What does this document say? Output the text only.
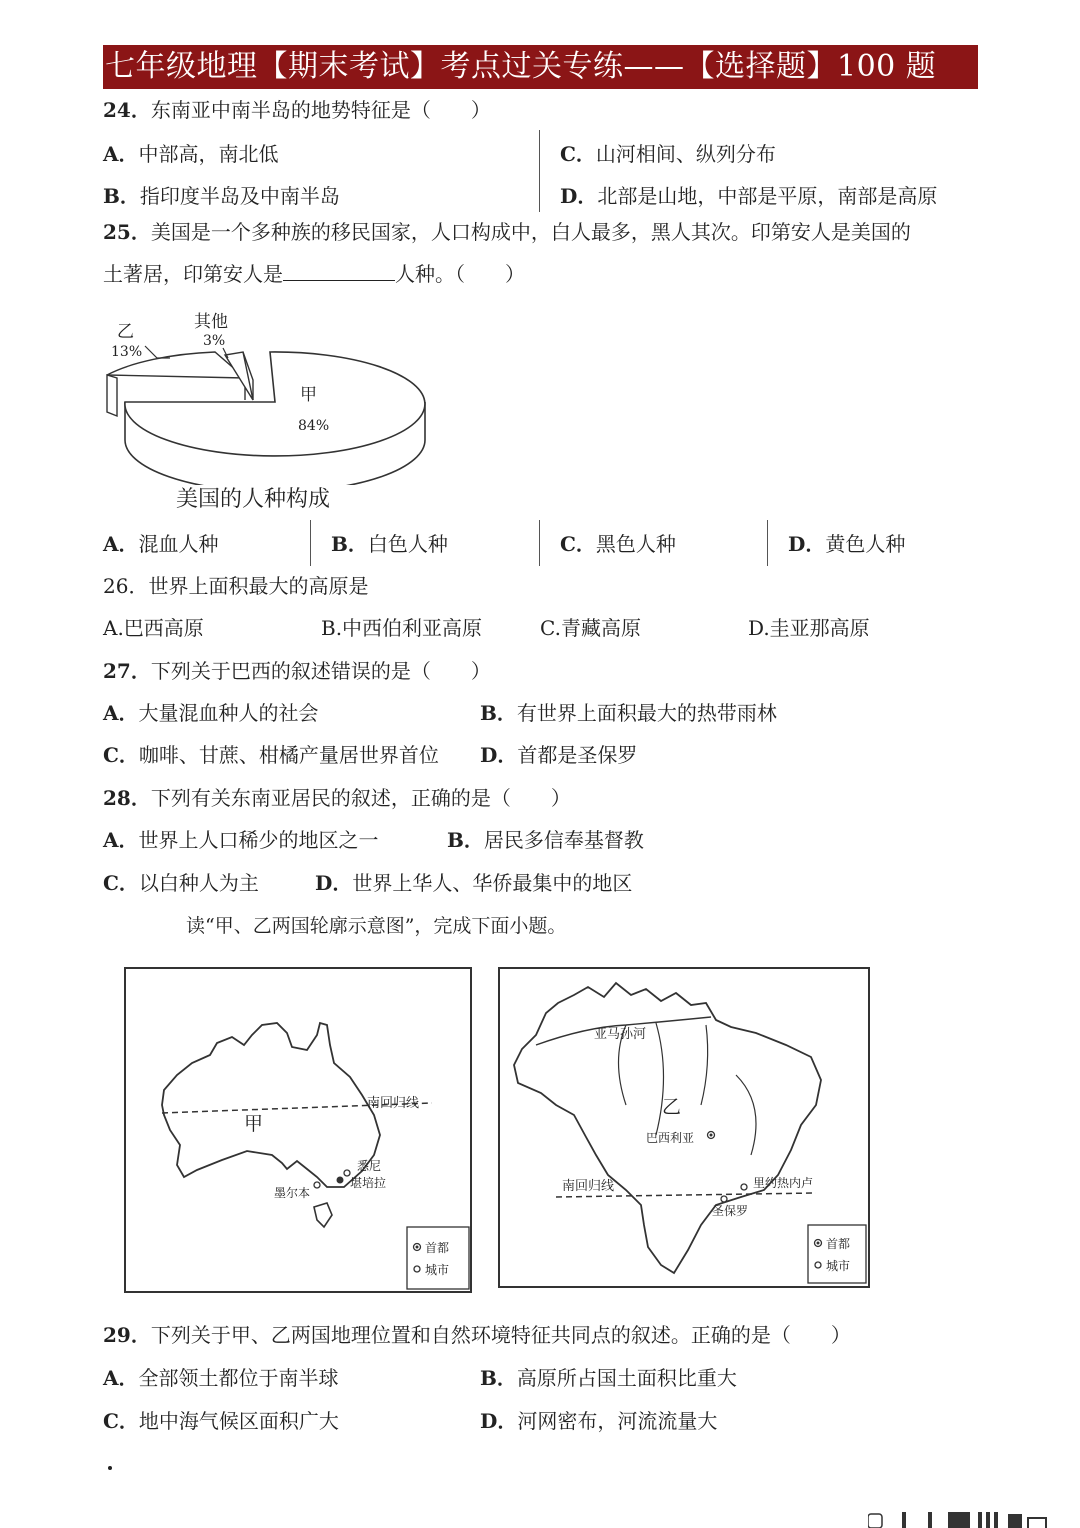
七年级地理【期末考试】考点过关专练——【选择题】100 题
24．东南亚中南半岛的地势特征是（　　）
A．中部高，南北低	C．山河相间、纵列分布
B．指印度半岛及中南半岛	D．北部是山地，中部是平原，南部是高原
25．美国是一个多种族的移民国家，人口构成中，白人最多，黑人其次。印第安人是美国的
土著居，印第安人是	人种。（　　）
甲
84%
乙
13%
其他
3%
美国的人种构成
A．混血人种	B．白色人种	C．黑色人种	D．黄色人种
26．世界上面积最大的高原是
A.巴西高原	B.中西伯利亚高原	C.青藏高原	D.圭亚那高原
27．下列关于巴西的叙述错误的是（　　）
A．大量混血种人的社会	B．有世界上面积最大的热带雨林
C．咖啡、甘蔗、柑橘产量居世界首位 D．首都是圣保罗
28．下列有关东南亚居民的叙述，正确的是（　　）
A．世界上人口稀少的地区之一	B．居民多信奉基督教
C．以白种人为主	D．世界上华人、华侨最集中的地区
读“甲、乙两国轮廓示意图”，完成下面小题。
南回归线
甲
悉尼
堪培拉
墨尔本
首都
城市
亚马孙河
乙
巴西利亚
南回归线	里约热内卢
圣保罗
首都
城市
29．下列关于甲、乙两国地理位置和自然环境特征共同点的叙述。正确的是（　　）
A．全部领土都位于南半球	B．高原所占国土面积比重大
C．地中海气候区面积广大	D．河网密布，河流流量大
